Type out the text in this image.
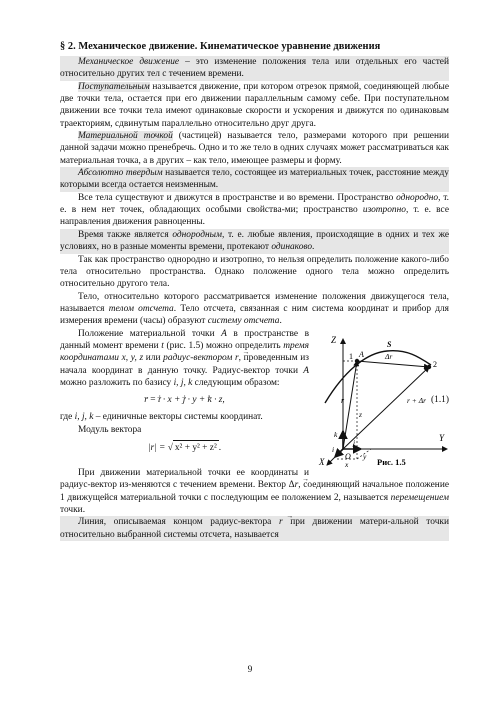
§ 2. Механическое движение. Кинематическое уравнение движения

Механическое движение – это изменение положения тела или отдельных его частей относительно других тел с течением времени.

Поступательным называется движение, при котором отрезок прямой, соединяющей любые две точки тела, остается при его движении параллельным самому себе. При поступательном движении все точки тела имеют одинаковые скорости и ускорения и движутся по одинаковым траекториям, сдвинутым параллельно относительно друг друга.

Материальной точкой (частицей) называется тело, размерами которого при решении данной задачи можно пренебречь. Одно и то же тело в одних случаях может рассматриваться как материальная точка, а в других – как тело, имеющее размеры и форму.

Абсолютно твердым называется тело, состоящее из материальных точек, расстояние между которыми всегда остается неизменным.

Все тела существуют и движутся в пространстве и во времени. Пространство однородно, т. е. в нем нет точек, обладающих особыми свойства-ми; пространство изотропно, т. е. все направления движения равноценны.

Время также является однородным, т. е. любые явления, происходящие в одних и тех же условиях, но в разные моменты времени, протекают одинаково.

Так как пространство однородно и изотропно, то нельзя определить положение какого-либо тела относительно пространства. Однако положение одного тела можно определить относительно другого тела.

Тело, относительно которого рассматривается изменение положения движущегося тела, называется телом отсчета. Тело отсчета, связанная с ним система координат и прибор для измерения времени (часы) образуют систему отсчета.

Z
Y
X
O
A
S
1
2
Δr
r	r + Δr
z
k
j
i
x
y
Рис. 1.5

Положение материальной точки A в пространстве в данный момент времени t (рис. 1.5) можно определить тремя координатами x, y, z или радиус-вектором → r, проведенным из начала координат в данную точку. Радиус-вектор точки A можно разложить по базису i, j, k следующим образом:

→ r = → i · x + → j · y + → k · z,	(1.1)

где i, j, k – единичные векторы системы координат.

Модуль вектора

|r| = √ x² + y² + z² .

При движении материальной точки ее координаты и радиус-вектор из-меняются с течением времени. Вектор Δ→ r, соединяющий начальное положение 1 движущейся материальной точки с последующим ее положением 2, называется перемещением точки.

Линия, описываемая концом радиус-вектора → r при движении матери-альной точки относительно выбранной системы отсчета, называется

9
